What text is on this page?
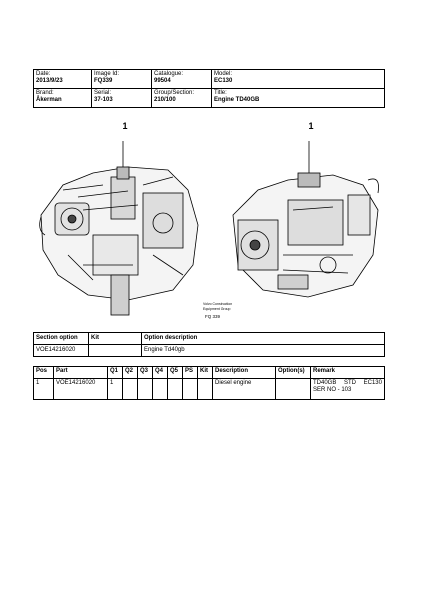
Date:
2013/9/23	Image Id:
FQ339	Catalogue:
99504	Model:
EC130

Brand:
Åkerman	Serial:
37-103	Group/Section:
210/100	Title:
Engine TD40GB
1	1
Volvo Construction
Equipment Group
FQ 339
Section option	Kit	Option description
VOE14216020		Engine Td40gb
Pos	Part	Q1	Q2	Q3	Q4	Q5	PS	Kit	Description	Option(s)	Remark
1	VOE14216020	1							Diesel engine		TD40GB STD EC130
SER NO - 103
